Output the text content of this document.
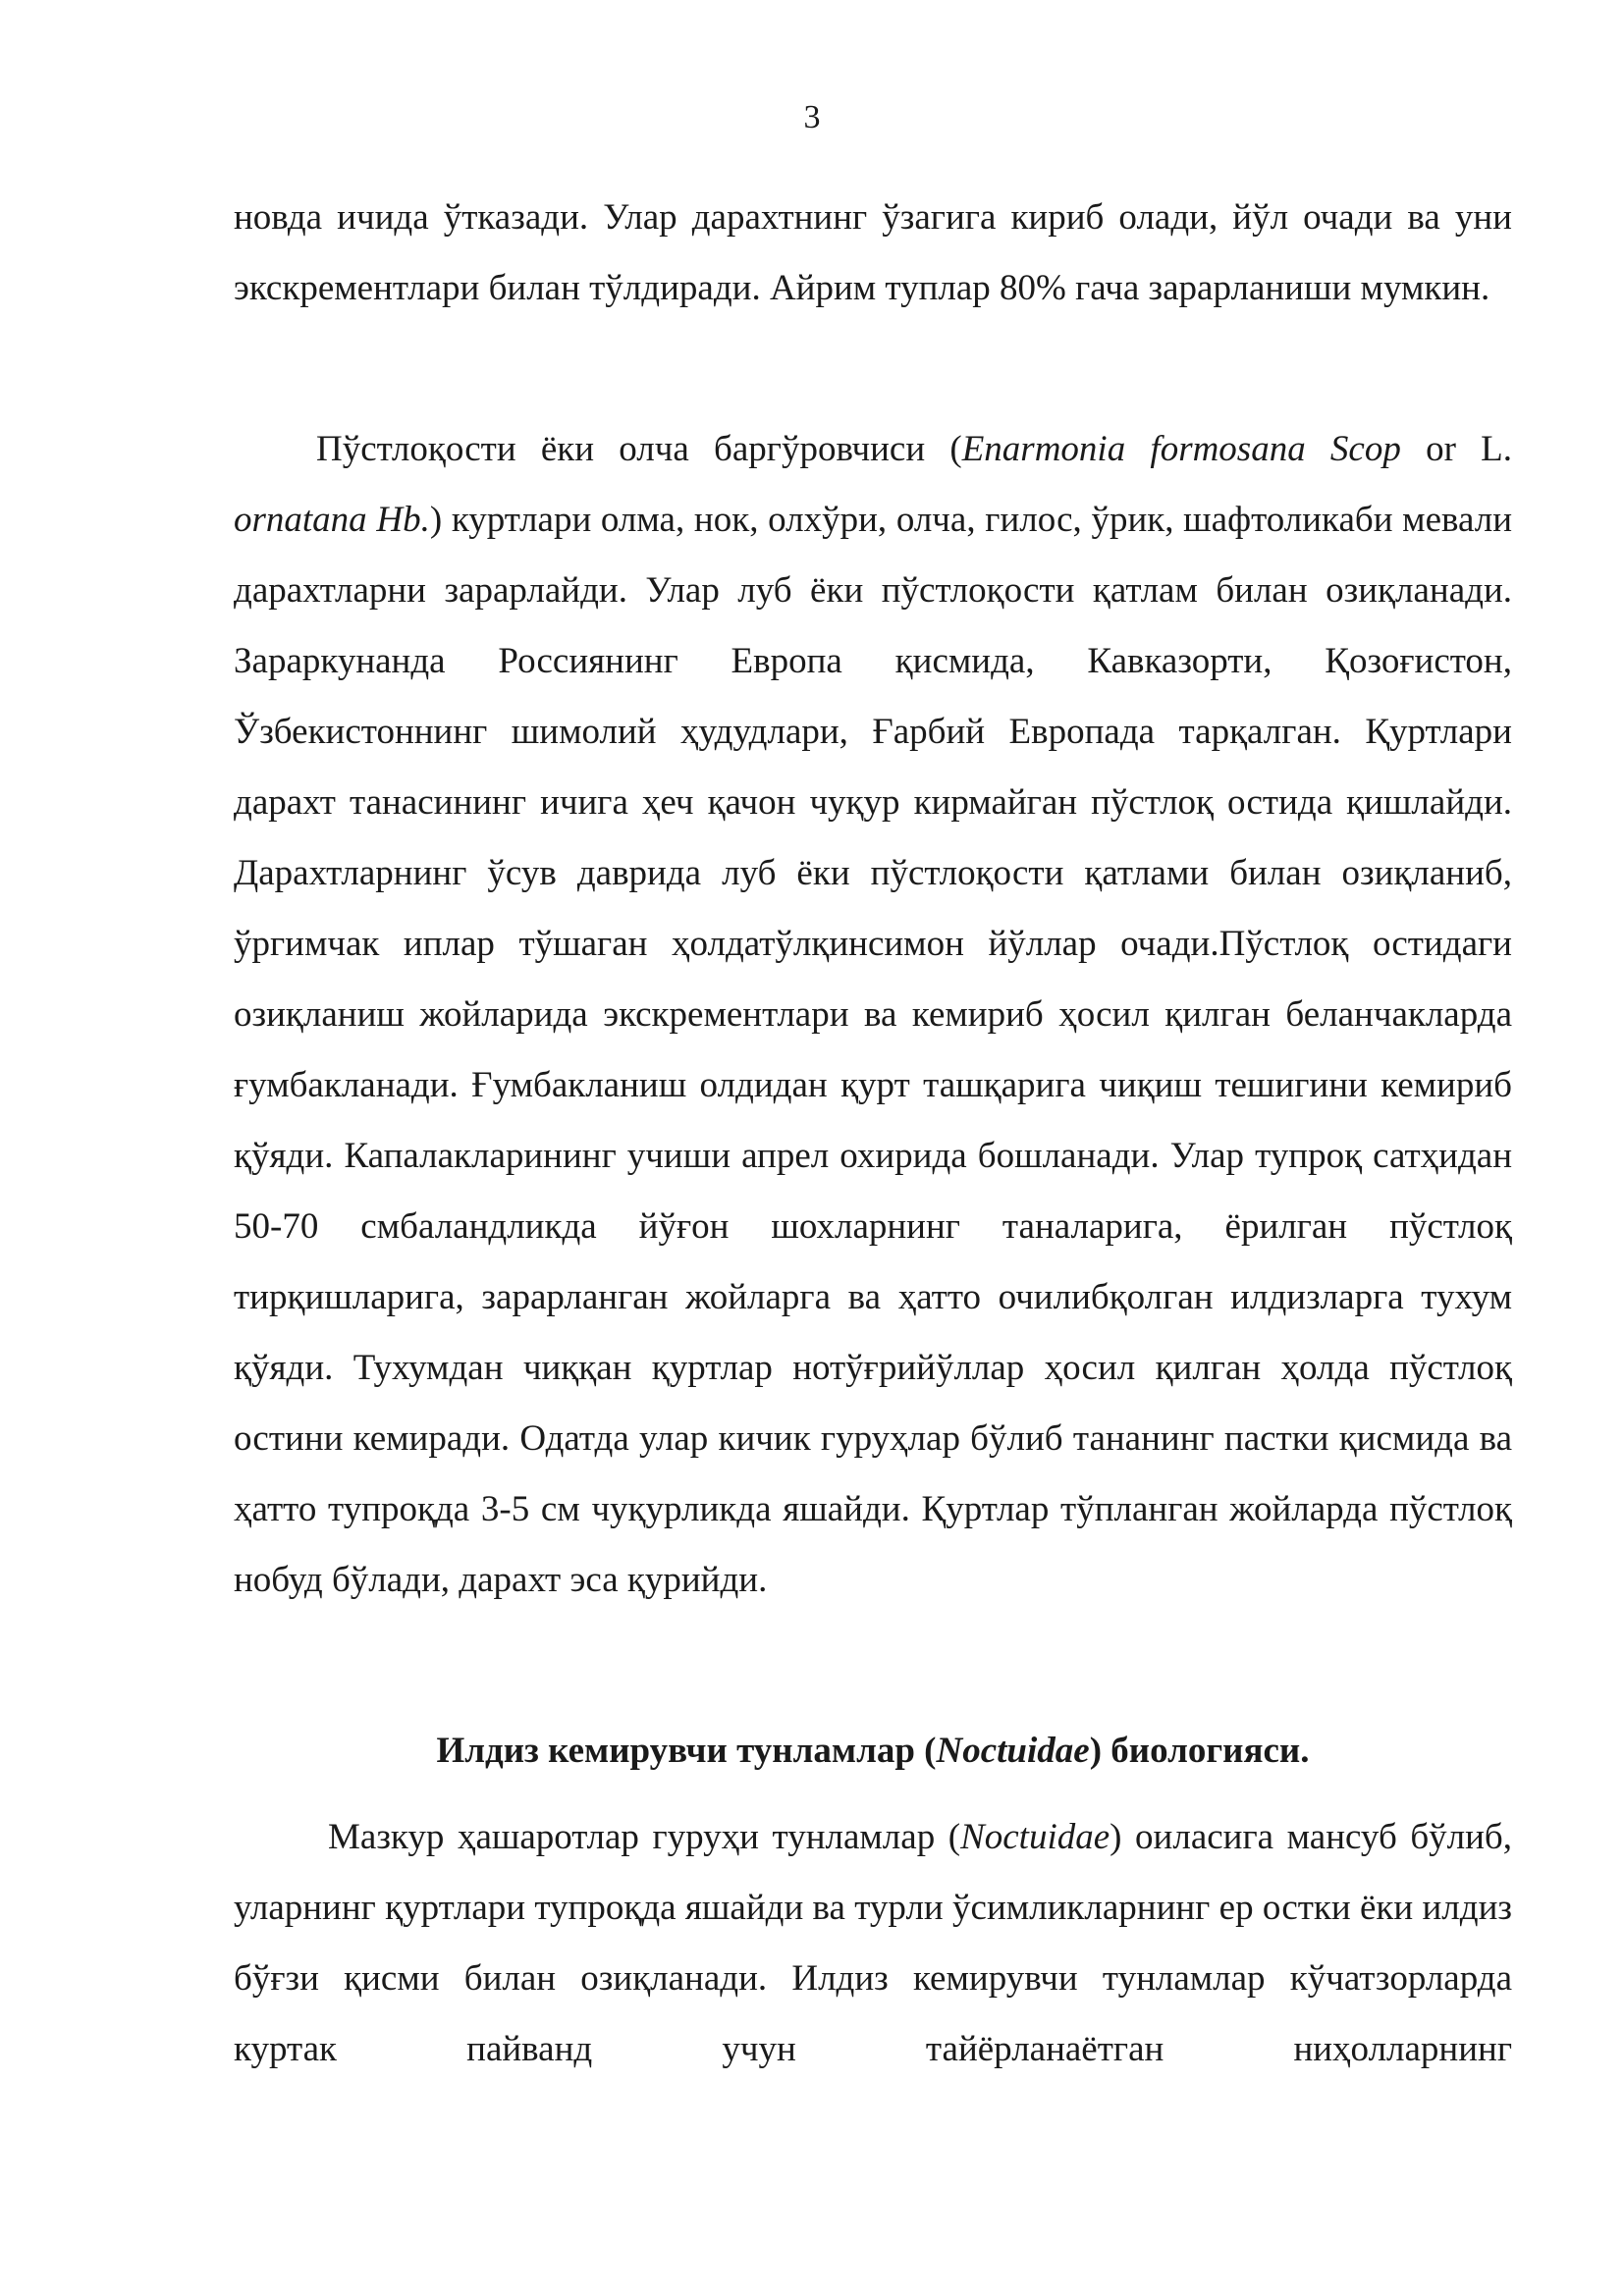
3

новда ичида ўтказади. Улар дарахтнинг ўзагига кириб олади, йўл очади ва уни экскрементлари билан тўлдиради. Айрим туплар 80% гача зарарланиши мумкин.

Пўстлоқости ёки олча баргўровчиси (Enarmonia formosana Scop or L. ornatana Hb.) куртлари олма, нок, олхўри, олча, гилос, ўрик, шафтоликаби мевали дарахтларни зарарлайди. Улар луб ёки пўстлоқости қатлам билан озиқланади. Зараркунанда Россиянинг Европа қисмида, Кавказорти, Қозоғистон, Ўзбекистоннинг шимолий ҳудудлари, Ғарбий Европада тарқалган. Қуртлари дарахт танасининг ичига ҳеч қачон чуқур кирмайган пўстлоқ остида қишлайди. Дарахтларнинг ўсув даврида луб ёки пўстлоқости қатлами билан озиқланиб, ўргимчак иплар тўшаган ҳолдатўлқинсимон йўллар очади.Пўстлоқ остидаги озиқланиш жойларида экскрементлари ва кемириб ҳосил қилган беланчакларда ғумбакланади. Ғумбакланиш олдидан қурт ташқарига чиқиш тешигини кемириб қўяди. Капалакларининг учиши апрел охирида бошланади. Улар тупроқ сатҳидан 50-70 смбаландликда йўғон шохларнинг таналарига, ёрилган пўстлоқ тирқишларига, зарарланган жойларга ва ҳатто очилибқолган илдизларга тухум қўяди. Тухумдан чиққан қуртлар нотўғрийўллар ҳосил қилган ҳолда пўстлоқ остини кемиради. Одатда улар кичик гуруҳлар бўлиб тананинг пастки қисмида ва ҳатто тупроқда 3-5 см чуқурликда яшайди. Қуртлар тўпланган жойларда пўстлоқ нобуд бўлади, дарахт эса қурийди.

Илдиз кемирувчи тунламлар (Noctuidae) биологияси.

Мазкур ҳашаротлар гуруҳи тунламлар (Noctuidae) оиласига мансуб бўлиб, уларнинг қуртлари тупроқда яшайди ва турли ўсимликларнинг ер остки ёки илдиз бўғзи қисми билан озиқланади. Илдиз кемирувчи тунламлар кўчатзорларда куртак пайванд учун тайёрланаётган ниҳолларнинг
